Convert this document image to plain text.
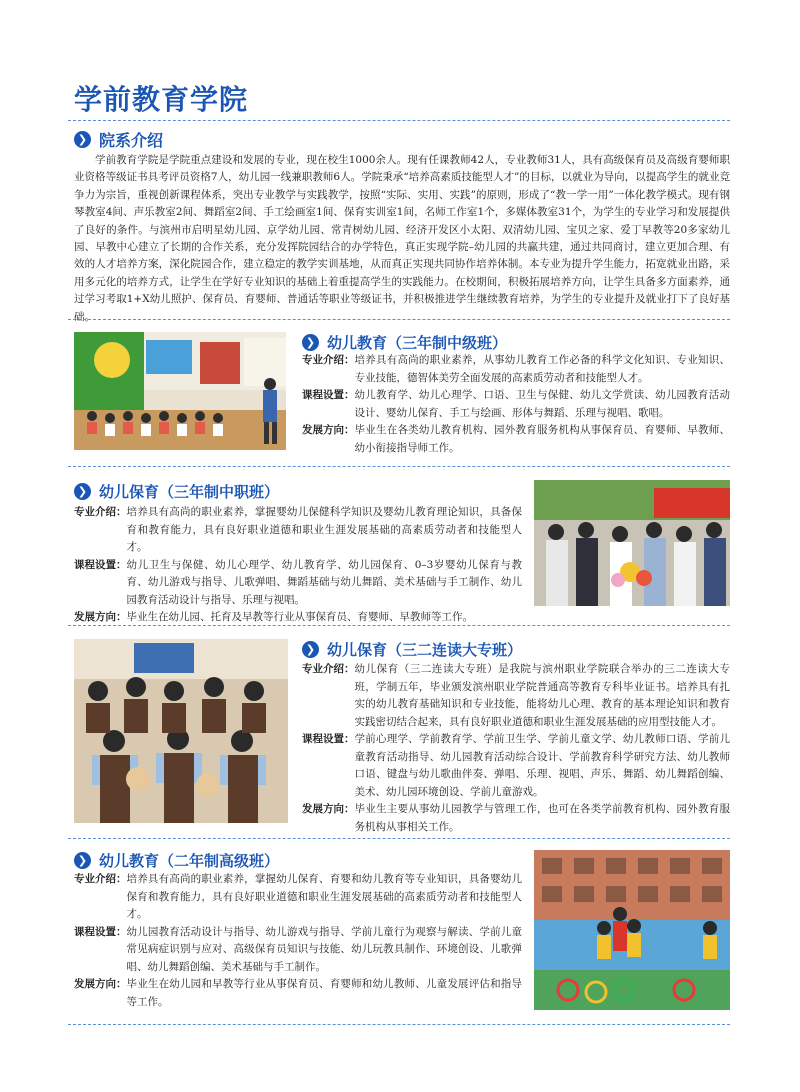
学前教育学院
❯ 院系介绍

学前教育学院是学院重点建设和发展的专业，现在校生1000余人。现有任课教师42人，专业教师31人，具有高级保育员及高级育婴师职业资格等级证书具考评员资格7人，幼儿园一线兼职教师6人。学院秉承“培养高素质技能型人才”的目标，以就业为导向，以提高学生的就业竞争力为宗旨，重视创新课程体系，突出专业教学与实践教学，按照“实际、实用、实践”的原则，形成了“教一学一用”一体化教学模式。现有钢琴教室4间、声乐教室2间、舞蹈室2间、手工绘画室1间、保育实训室1间，名师工作室1个，多媒体教室31个，为学生的专业学习和发展提供了良好的条件。与滨州市启明星幼儿园、京学幼儿园、常青树幼儿园、经济开发区小太阳、双清幼儿园、宝贝之家、爱丁早教等20多家幼儿园、早教中心建立了长期的合作关系，充分发挥院园结合的办学特色，真正实现学院–幼儿园的共赢共建，通过共同商讨，建立更加合理、有效的人才培养方案，深化院园合作，建立稳定的教学实训基地，从而真正实现共同协作培养体制。本专业为提升学生能力，拓宽就业出路，采用多元化的培养方式，让学生在学好专业知识的基础上着重提高学生的实践能力。在校期间，积极拓展培养方向，让学生具备多方面素养，通过学习考取1+X幼儿照护、保育员、育婴师、普通话等职业等级证书，并积极推进学生继续教育培养，为学生的专业提升及就业打下了良好基础。

❯ 幼儿教育（三年制中级班）
专业介绍： 培养具有高尚的职业素养，从事幼儿教育工作必备的科学文化知识、专业知识、专业技能，德智体美劳全面发展的高素质劳动者和技能型人才。
课程设置： 幼儿教育学、幼儿心理学、口语、卫生与保健、幼儿文学赏读、幼儿园教育活动设计、婴幼儿保育、手工与绘画、形体与舞蹈、乐理与视唱、歌唱。
发展方向： 毕业生在各类幼儿教育机构、园外教育服务机构从事保育员、育婴师、早教师、幼小衔接指导师工作。
❯ 幼儿保育（三年制中职班）
专业介绍： 培养具有高尚的职业素养，掌握婴幼儿保健科学知识及婴幼儿教育理论知识，具备保育和教育能力，具有良好职业道德和职业生涯发展基础的高素质劳动者和技能型人才。
课程设置： 幼儿卫生与保健、幼儿心理学、幼儿教育学、幼儿园保育、0–3岁婴幼儿保育与教育、幼儿游戏与指导、儿歌弹唱、舞蹈基础与幼儿舞蹈、美术基础与手工制作、幼儿园教育活动设计与指导、乐理与视唱。
发展方向： 毕业生在幼儿园、托育及早教等行业从事保育员、育婴师、早教师等工作。
❯ 幼儿保育（三二连读大专班）
专业介绍： 幼儿保育（三二连读大专班）是我院与滨州职业学院联合举办的三二连读大专班，学制五年，毕业颁发滨州职业学院普通高等教育专科毕业证书。培养具有扎实的幼儿教育基础知识和专业技能，能将幼儿心理、教育的基本理论知识和教育实践密切结合起来，具有良好职业道德和职业生涯发展基础的应用型技能人才。
课程设置： 学前心理学、学前教育学、学前卫生学、学前儿童文学、幼儿教师口语、学前儿童教育活动指导、幼儿园教育活动综合设计、学前教育科学研究方法、幼儿教师口语、键盘与幼儿歌曲伴奏、弹唱、乐理、视唱、声乐、舞蹈、幼儿舞蹈创编、美术、幼儿园环境创设、学前儿童游戏。
发展方向： 毕业生主要从事幼儿园教学与管理工作，也可在各类学前教育机构、园外教育服务机构从事相关工作。
❯ 幼儿教育（二年制高级班）
专业介绍： 培养具有高尚的职业素养，掌握幼儿保育、育婴和幼儿教育等专业知识，具备婴幼儿保育和教育能力，具有良好职业道德和职业生涯发展基础的高素质劳动者和技能型人才。
课程设置： 幼儿园教育活动设计与指导、幼儿游戏与指导、学前儿童行为观察与解读、学前儿童常见病症识别与应对、高级保育员知识与技能、幼儿玩教具制作、环境创设、儿歌弹唱、幼儿舞蹈创编、美术基础与手工制作。
发展方向： 毕业生在幼儿园和早教等行业从事保育员、育婴师和幼儿教师、儿童发展评估和指导等工作。
